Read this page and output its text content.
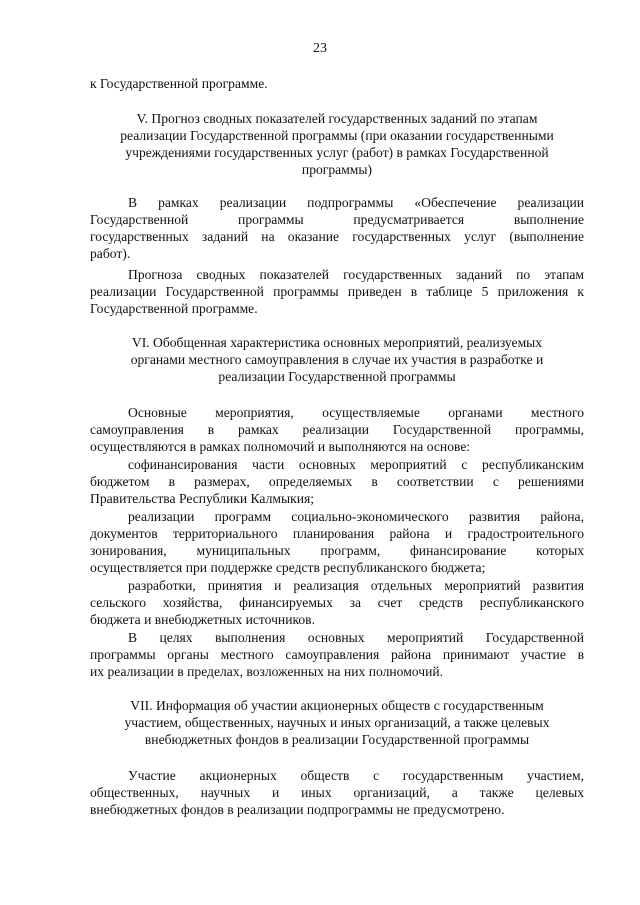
23
к Государственной программе.
V. Прогноз сводных показателей государственных заданий по этапам
реализации Государственной программы (при оказании государственными
учреждениями государственных услуг (работ) в рамках Государственной
программы)
В рамках реализации подпрограммы «Обеспечение реализации
Государственной программы предусматривается выполнение
государственных заданий на оказание государственных услуг (выполнение
работ).
Прогноза сводных показателей государственных заданий по этапам
реализации Государственной программы приведен в таблице 5 приложения к
Государственной программе.
VI. Обобщенная характеристика основных мероприятий, реализуемых
органами местного самоуправления в случае их участия в разработке и
реализации Государственной программы
Основные мероприятия, осуществляемые органами местного
самоуправления в рамках реализации Государственной программы,
осуществляются в рамках полномочий и выполняются на основе:
софинансирования части основных мероприятий с республиканским
бюджетом в размерах, определяемых в соответствии с решениями
Правительства Республики Калмыкия;
реализации программ социально-экономического развития района,
документов территориального планирования района и градостроительного
зонирования, муниципальных программ, финансирование которых
осуществляется при поддержке средств республиканского бюджета;
разработки, принятия и реализация отдельных мероприятий развития
сельского хозяйства, финансируемых за счет средств республиканского
бюджета и внебюджетных источников.
В целях выполнения основных мероприятий Государственной
программы органы местного самоуправления района принимают участие в
их реализации в пределах, возложенных на них полномочий.
VII. Информация об участии акционерных обществ с государственным
участием, общественных, научных и иных организаций, а также целевых
внебюджетных фондов в реализации Государственной программы
Участие акционерных обществ с государственным участием,
общественных, научных и иных организаций, а также целевых
внебюджетных фондов в реализации подпрограммы не предусмотрено.
